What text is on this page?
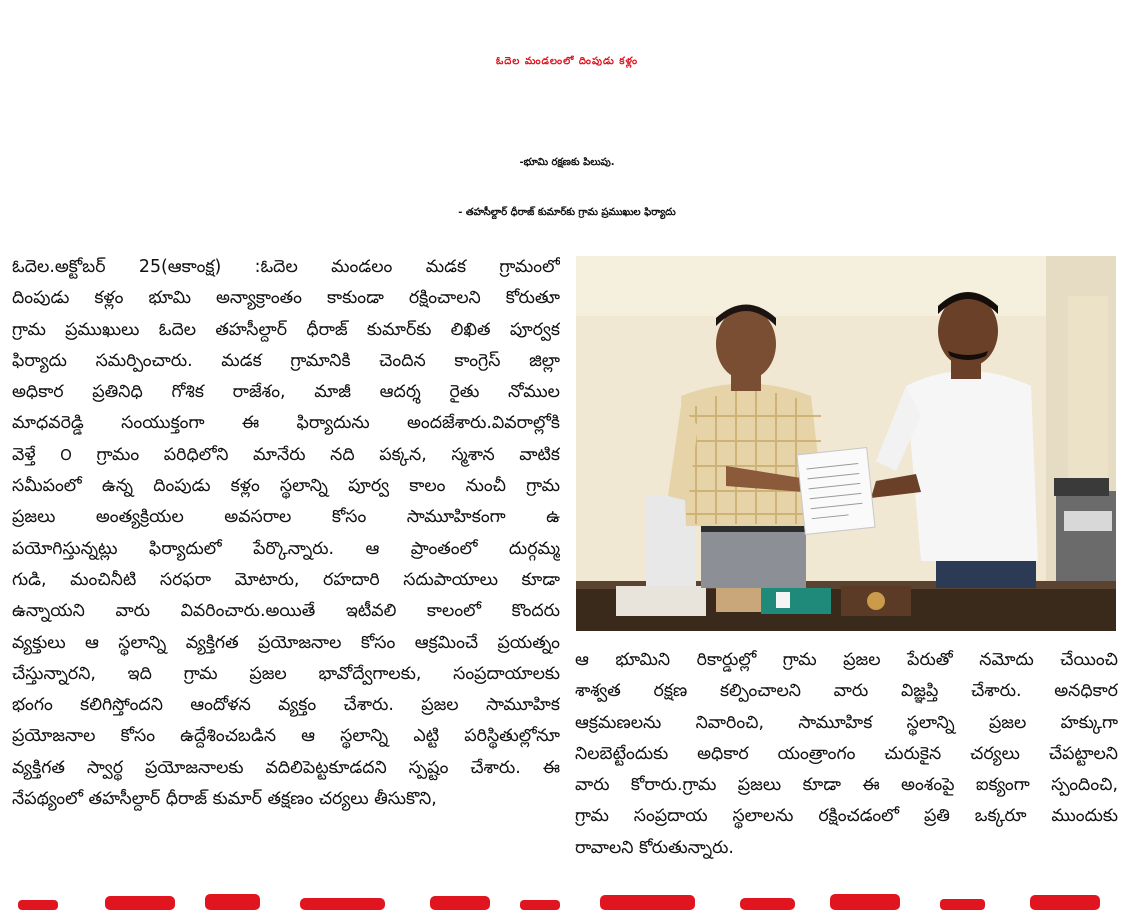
ఓదెల మండలంలో దింపుడు కళ్లం
-భూమి రక్షణకు పిలుపు.
- తహసీల్దార్ ధీరాజ్ కుమార్‌కు గ్రామ ప్రముఖుల ఫిర్యాదు
ఓదెల.అక్టోబర్ 25(ఆకాంక్ష) :ఓదెల మండలం మడక గ్రామంలో
దింపుడు కళ్లం భూమి అన్యాక్రాంతం కాకుండా రక్షించాలని కోరుతూ
గ్రామ ప్రముఖులు ఓదెల తహసీల్దార్ ధీరాజ్ కుమార్‌కు లిఖిత పూర్వక
ఫిర్యాదు సమర్పించారు. మడక గ్రామానికి చెందిన కాంగ్రెస్ జిల్లా
అధికార ప్రతినిధి గోశిక రాజేశం, మాజీ ఆదర్శ రైతు నోముల
మాధవరెడ్డి సంయుక్తంగా ఈ ఫిర్యాదును అందజేశారు.వివరాల్లోకి
వెళ్తే ౦ గ్రామం పరిధిలోని మానేరు నది పక్కన, స్మశాన వాటిక
సమీపంలో ఉన్న దింపుడు కళ్లం స్థలాన్ని పూర్వ కాలం నుంచీ గ్రామ
ప్రజలు అంత్యక్రియల అవసరాల కోసం సామూహికంగా ఉ
పయోగిస్తున్నట్లు ఫిర్యాదులో పేర్కొన్నారు. ఆ ప్రాంతంలో దుర్గమ్మ
గుడి, మంచినీటి సరఫరా మోటారు, రహదారి సదుపాయాలు కూడా
ఉన్నాయని వారు వివరించారు.అయితే ఇటీవలి కాలంలో కొందరు
వ్యక్తులు ఆ స్థలాన్ని వ్యక్తిగత ప్రయోజనాల కోసం ఆక్రమించే ప్రయత్నం
చేస్తున్నారని, ఇది గ్రామ ప్రజల భావోద్వేగాలకు, సంప్రదాయాలకు
భంగం కలిగిస్తోందని ఆందోళన వ్యక్తం చేశారు. ప్రజల సామూహిక
ప్రయోజనాల కోసం ఉద్దేశించబడిన ఆ స్థలాన్ని ఎట్టి పరిస్థితుల్లోనూ
వ్యక్తిగత స్వార్థ ప్రయోజనాలకు వదిలిపెట్టకూడదని స్పష్టం చేశారు. ఈ
నేపథ్యంలో తహసీల్దార్ ధీరాజ్ కుమార్ తక్షణం చర్యలు తీసుకొని,
ఆ భూమిని రికార్డుల్లో గ్రామ ప్రజల పేరుతో నమోదు చేయించి
శాశ్వత రక్షణ కల్పించాలని వారు విజ్ఞప్తి చేశారు. అనధికార
ఆక్రమణలను నివారించి, సామూహిక స్థలాన్ని ప్రజల హక్కుగా
నిలబెట్టేందుకు అధికార యంత్రాంగం చురుకైన చర్యలు చేపట్టాలని
వారు కోరారు.గ్రామ ప్రజలు కూడా ఈ అంశంపై ఐక్యంగా స్పందించి,
గ్రామ సంప్రదాయ స్థలాలను రక్షించడంలో ప్రతి ఒక్కరూ ముందుకు
రావాలని కోరుతున్నారు.
